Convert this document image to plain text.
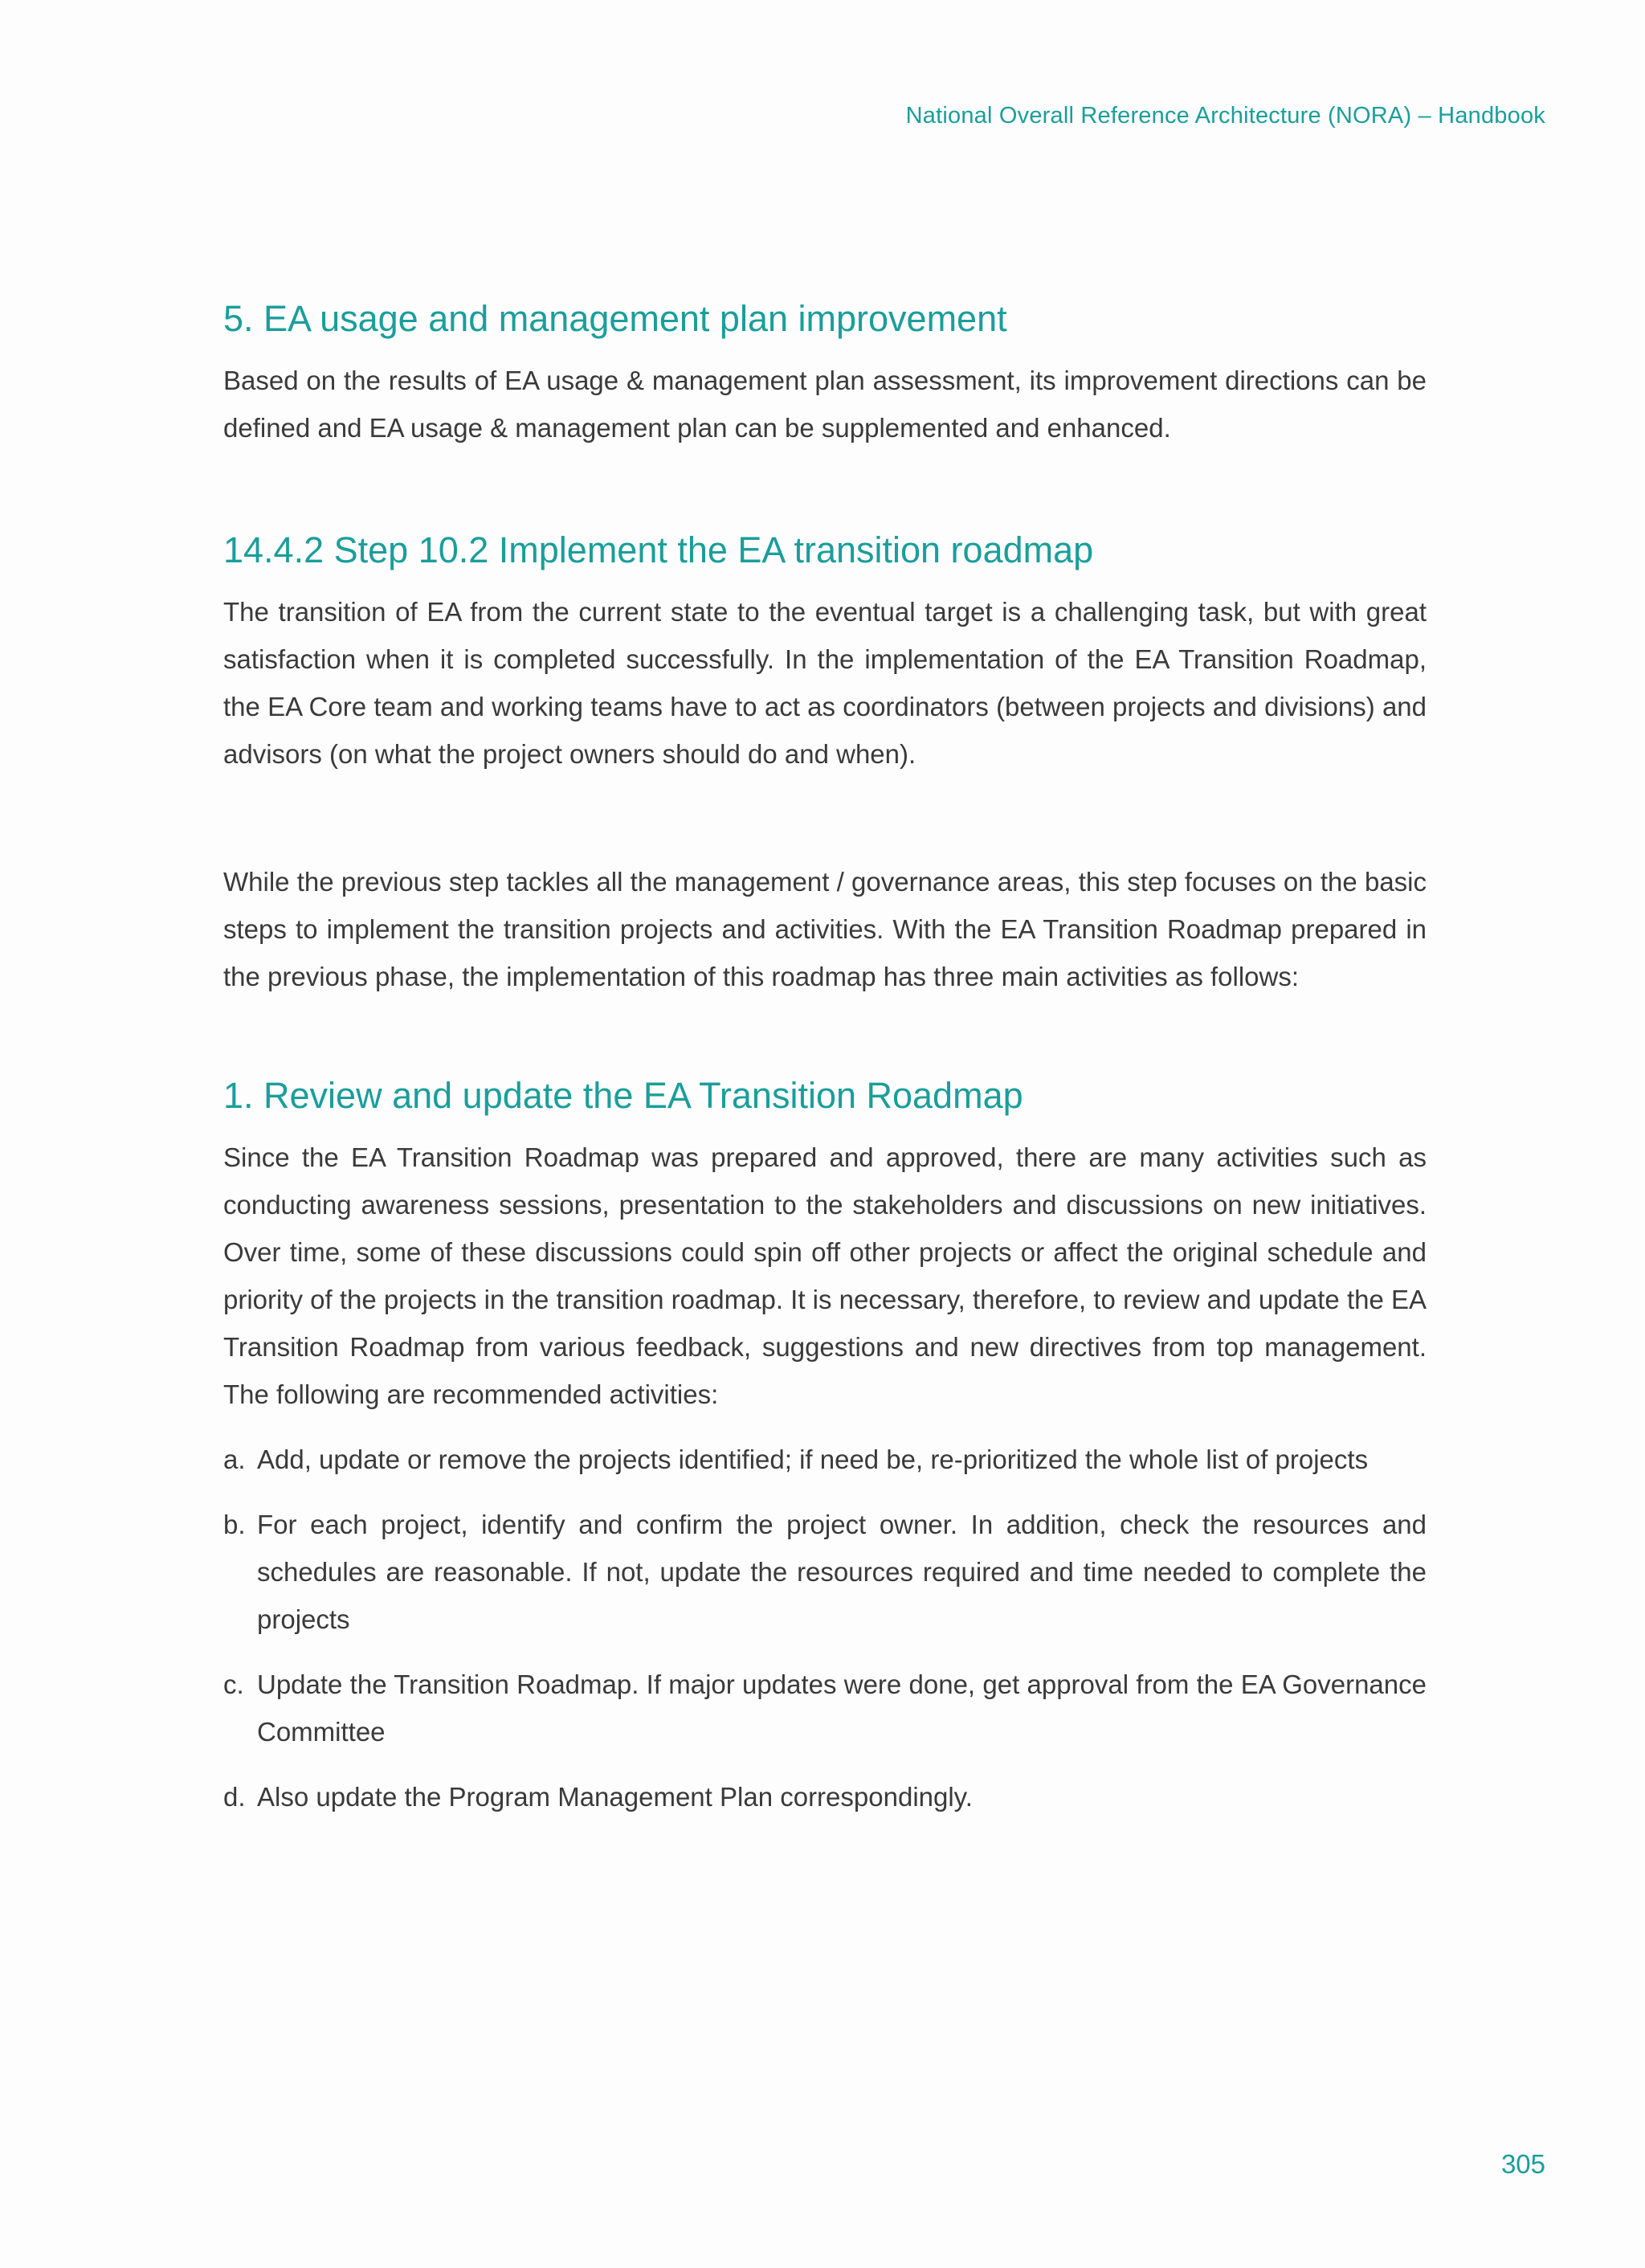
National Overall Reference Architecture (NORA) – Handbook
5. EA usage and management plan improvement

Based on the results of EA usage & management plan assessment, its improvement directions can be defined and EA usage & management plan can be supplemented and enhanced.

14.4.2 Step 10.2 Implement the EA transition roadmap

The transition of EA from the current state to the eventual target is a challenging task, but with great satisfaction when it is completed successfully. In the implementation of the EA Transition Roadmap, the EA Core team and working teams have to act as coordinators (between projects and divisions) and advisors (on what the project owners should do and when).

While the previous step tackles all the management / governance areas, this step focuses on the basic steps to implement the transition projects and activities. With the EA Transition Roadmap prepared in the previous phase, the implementation of this roadmap has three main activities as follows:

1. Review and update the EA Transition Roadmap

Since the EA Transition Roadmap was prepared and approved, there are many activities such as conducting awareness sessions, presentation to the stakeholders and discussions on new initiatives. Over time, some of these discussions could spin off other projects or affect the original schedule and priority of the projects in the transition roadmap. It is necessary, therefore, to review and update the EA Transition Roadmap from various feedback, suggestions and new directives from top management. The following are recommended activities:

a. Add, update or remove the projects identified; if need be, re-prioritized the whole list of projects
b. For each project, identify and confirm the project owner. In addition, check the resources and schedules are reasonable. If not, update the resources required and time needed to complete the projects
c. Update the Transition Roadmap. If major updates were done, get approval from the EA Governance Committee
d. Also update the Program Management Plan correspondingly.
305
